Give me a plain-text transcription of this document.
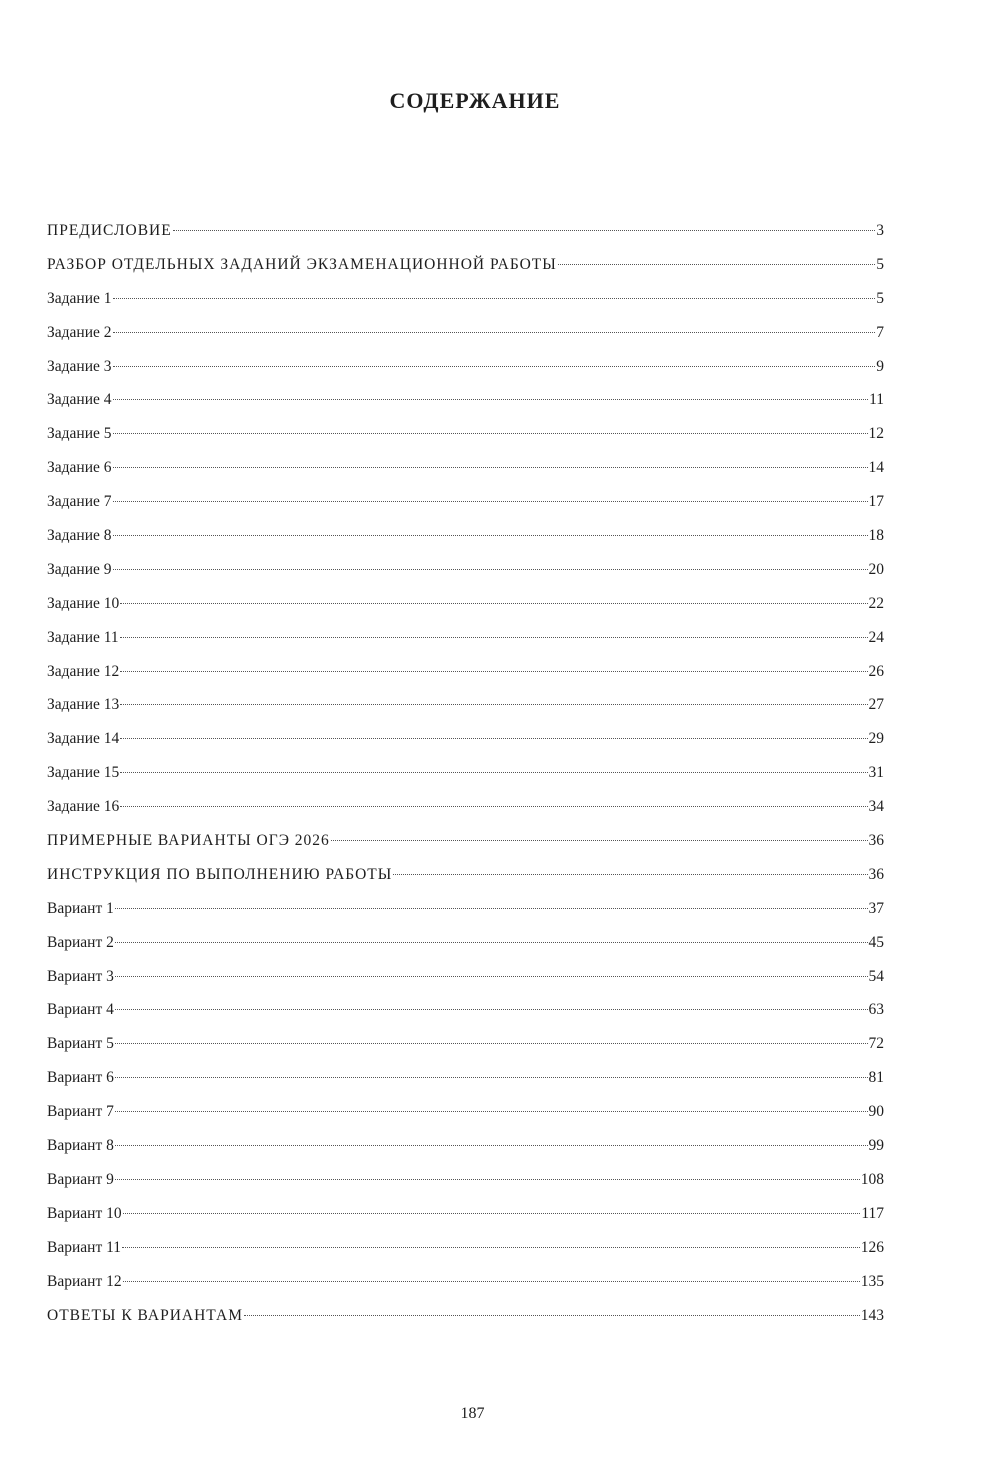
СОДЕРЖАНИЕ
ПРЕДИСЛОВИЕ	3
РАЗБОР ОТДЕЛЬНЫХ ЗАДАНИЙ ЭКЗАМЕНАЦИОННОЙ РАБОТЫ	5
Задание 1	5
Задание 2	7
Задание 3	9
Задание 4	11
Задание 5	12
Задание 6	14
Задание 7	17
Задание 8	18
Задание 9	20
Задание 10	22
Задание 11	24
Задание 12	26
Задание 13	27
Задание 14	29
Задание 15	31
Задание 16	34
ПРИМЕРНЫЕ ВАРИАНТЫ ОГЭ 2026	36
ИНСТРУКЦИЯ ПО ВЫПОЛНЕНИЮ РАБОТЫ	36
Вариант 1	37
Вариант 2	45
Вариант 3	54
Вариант 4	63
Вариант 5	72
Вариант 6	81
Вариант 7	90
Вариант 8	99
Вариант 9	108
Вариант 10	117
Вариант 11	126
Вариант 12	135
ОТВЕТЫ К ВАРИАНТАМ	143
187
